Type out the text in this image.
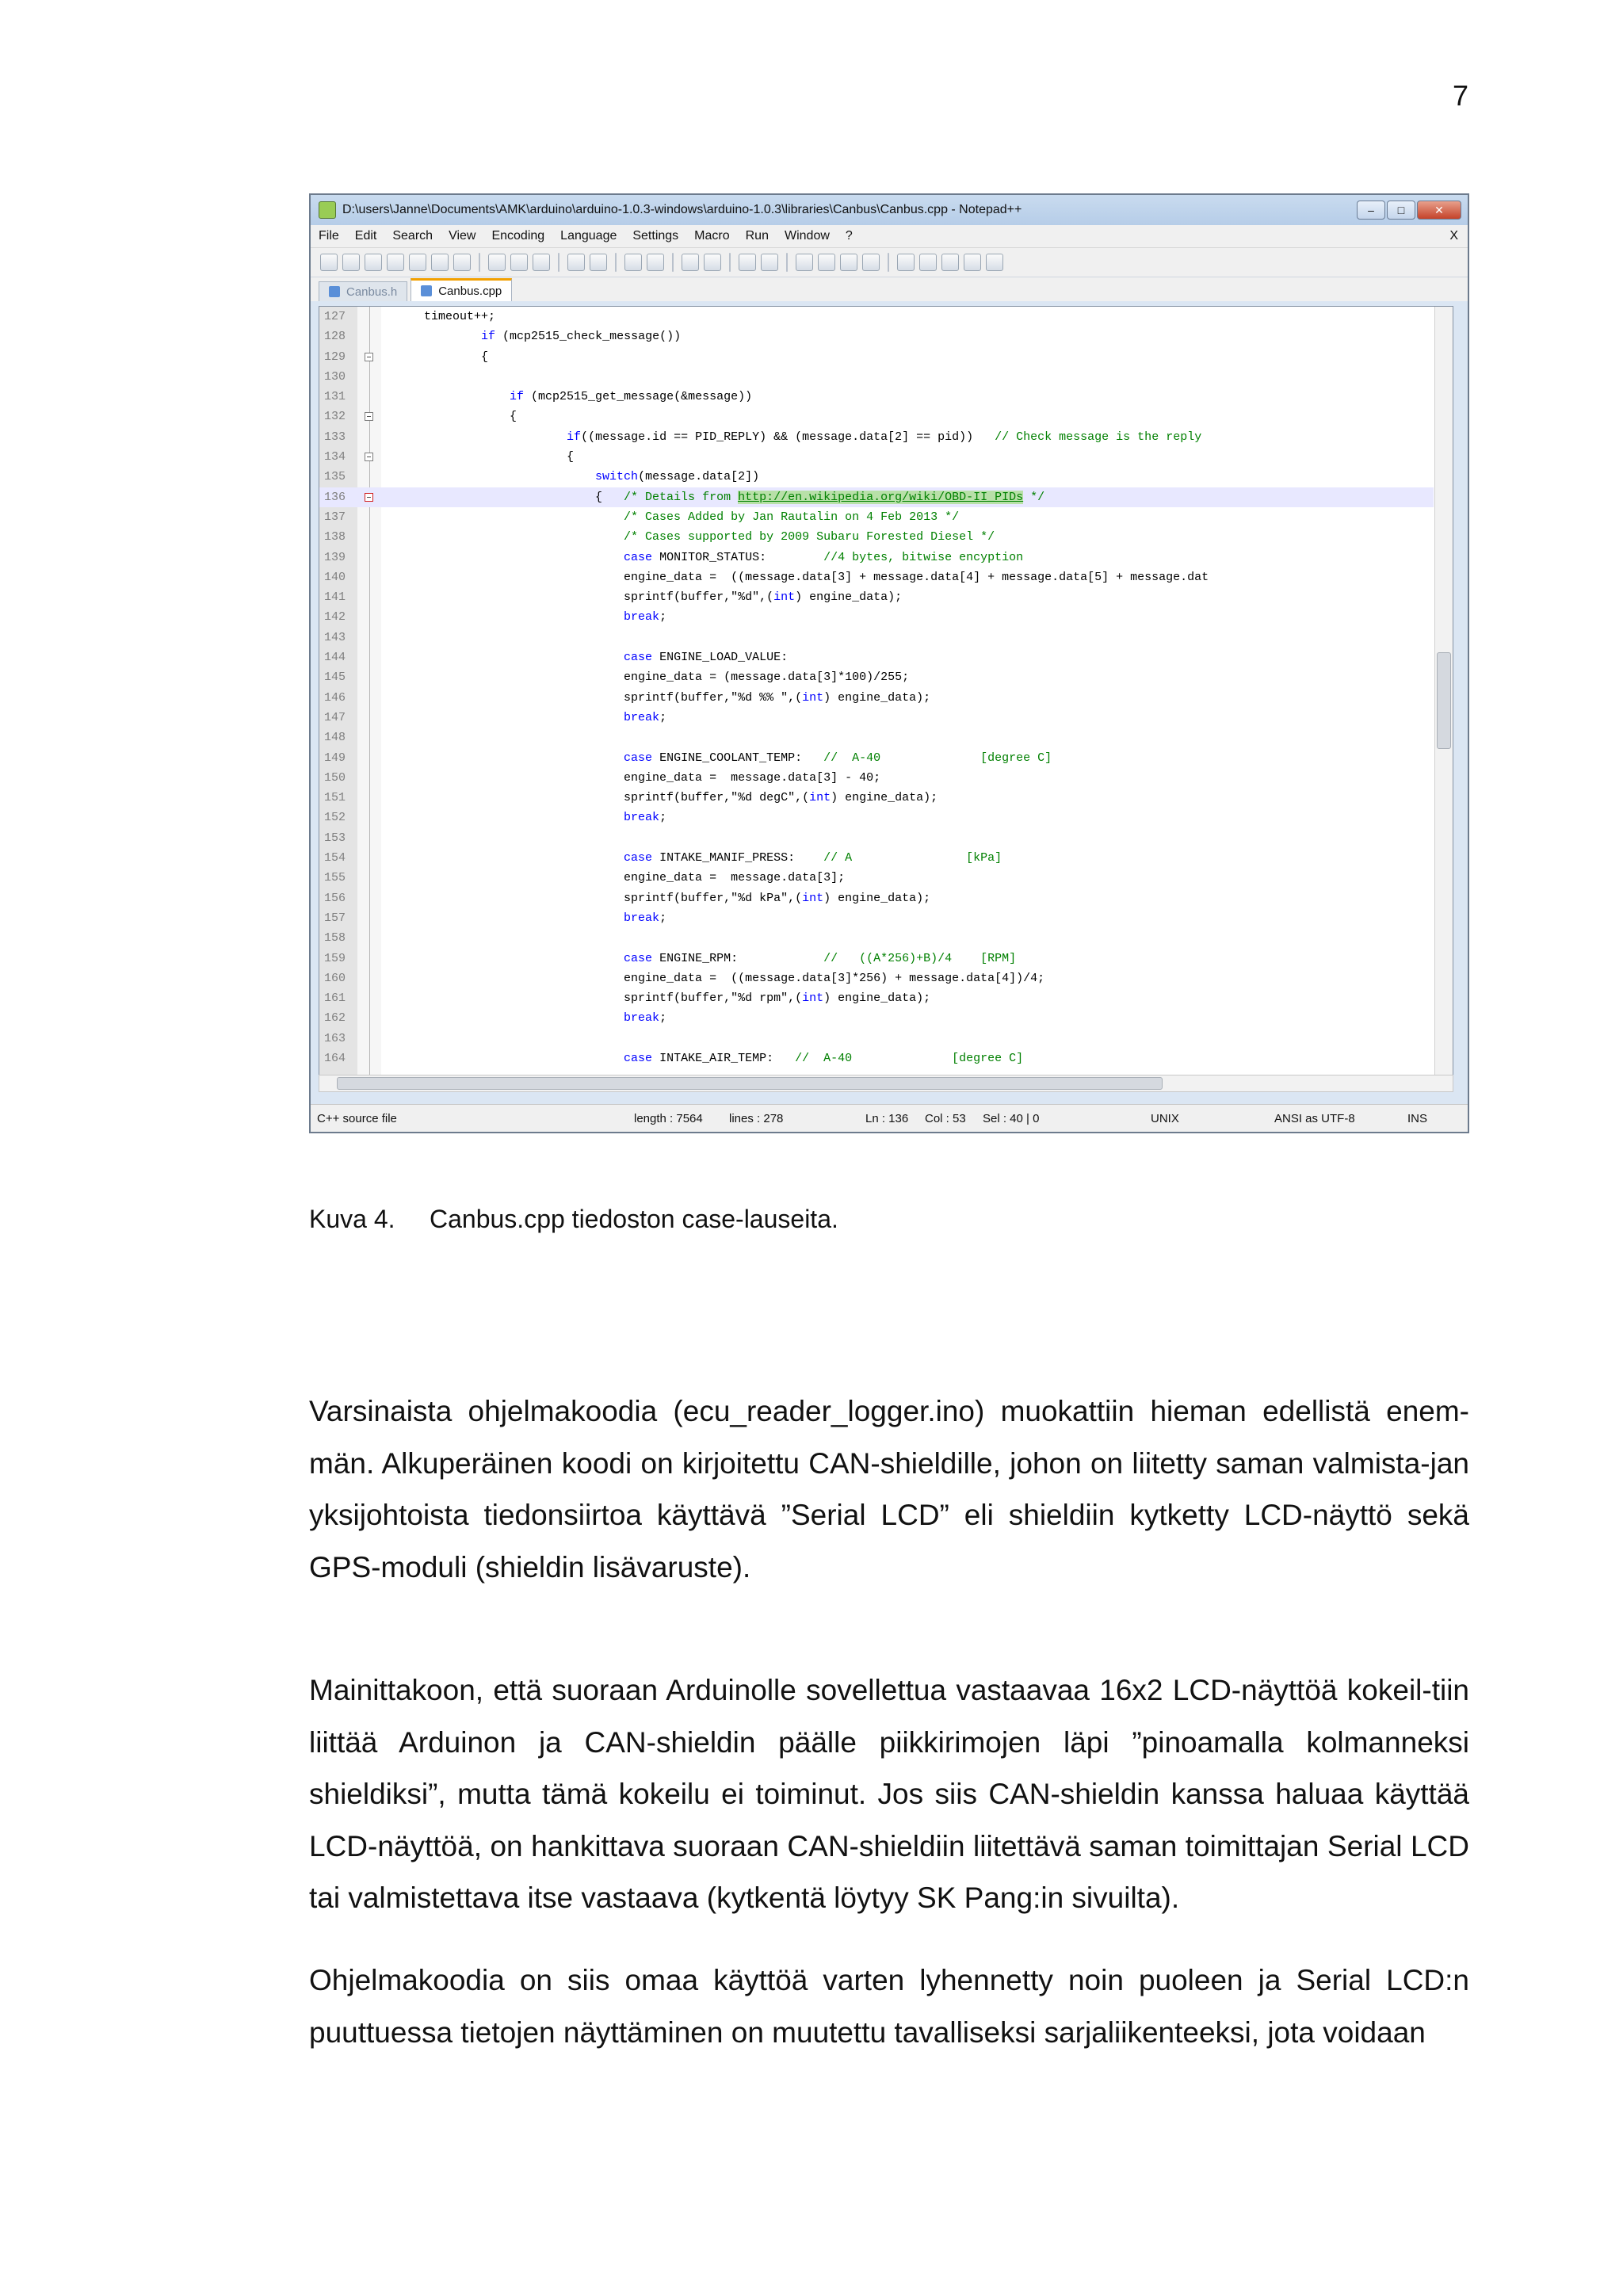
7
D:\users\Janne\Documents\AMK\arduino\arduino-1.0.3-windows\arduino-1.0.3\libraries\Canbus\Canbus.cpp - Notepad++	–	□	✕
File Edit Search View Encoding Language Settings Macro Run Window ?	X
Canbus.h	Canbus.cpp
127	timeout++;
128	if (mcp2515_check_message())
129	{
130
131	if (mcp2515_get_message(&message))
132	{
133	if((message.id == PID_REPLY) && (message.data[2] == pid))   // Check message is the reply
134	{
135	switch(message.data[2])
136	{   /* Details from http://en.wikipedia.org/wiki/OBD-II_PIDs */
137	/* Cases Added by Jan Rautalin on 4 Feb 2013 */
138	/* Cases supported by 2009 Subaru Forested Diesel */
139	case MONITOR_STATUS:        //4 bytes, bitwise encyption
140	engine_data =  ((message.data[3] + message.data[4] + message.data[5] + message.dat
141	sprintf(buffer,"%d",(int) engine_data);
142	break;
143
144	case ENGINE_LOAD_VALUE:
145	engine_data = (message.data[3]*100)/255;
146	sprintf(buffer,"%d %% ",(int) engine_data);
147	break;
148
149	case ENGINE_COOLANT_TEMP:   //  A-40              [degree C]
150	engine_data =  message.data[3] - 40;
151	sprintf(buffer,"%d degC",(int) engine_data);
152	break;
153
154	case INTAKE_MANIF_PRESS:    // A                [kPa]
155	engine_data =  message.data[3];
156	sprintf(buffer,"%d kPa",(int) engine_data);
157	break;
158
159	case ENGINE_RPM:            //   ((A*256)+B)/4    [RPM]
160	engine_data =  ((message.data[3]*256) + message.data[4])/4;
161	sprintf(buffer,"%d rpm",(int) engine_data);
162	break;
163
164	case INTAKE_AIR_TEMP:   //  A-40              [degree C]
C++ source file	length : 7564 lines : 278	Ln : 136 Col : 53 Sel : 40 | 0	UNIX	ANSI as UTF-8	INS
Kuva 4. Canbus.cpp tiedoston case-lauseita.
Varsinaista ohjelmakoodia (ecu_reader_logger.ino) muokattiin hieman edellistä enem-män. Alkuperäinen koodi on kirjoitettu CAN-shieldille, johon on liitetty saman valmista-jan yksijohtoista tiedonsiirtoa käyttävä ”Serial LCD” eli shieldiin kytketty LCD-näyttö sekä GPS-moduli (shieldin lisävaruste).
Mainittakoon, että suoraan Arduinolle sovellettua vastaavaa 16x2 LCD-näyttöä kokeil-tiin liittää Arduinon ja CAN-shieldin päälle piikkirimojen läpi ”pinoamalla kolmanneksi shieldiksi”, mutta tämä kokeilu ei toiminut. Jos siis CAN-shieldin kanssa haluaa käyttää LCD-näyttöä, on hankittava suoraan CAN-shieldiin liitettävä saman toimittajan Serial LCD tai valmistettava itse vastaava (kytkentä löytyy SK Pang:in sivuilta).
Ohjelmakoodia on siis omaa käyttöä varten lyhennetty noin puoleen ja Serial LCD:n puuttuessa tietojen näyttäminen on muutettu tavalliseksi sarjaliikenteeksi, jota voidaan
